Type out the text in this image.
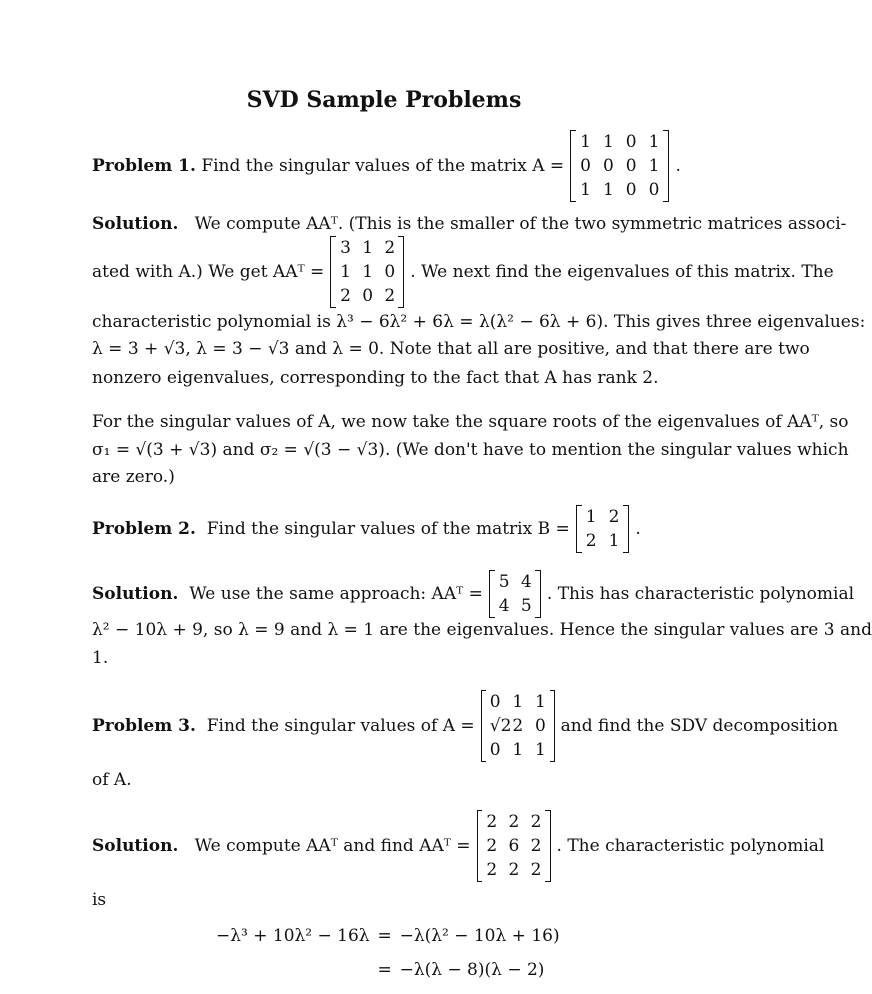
SVD Sample Problems
Problem 1.
Find the singular values of the matrix A =
1 1 0 1
0 0 0 1
1 1 0 0
.
Solution. We compute AAᵀ. (This is the smaller of the two symmetric matrices associ-
ated with A.) We get AAᵀ =
3 1 2
1 1 0
2 0 2
. We next find the eigenvalues of this matrix. The
characteristic polynomial is λ³ − 6λ² + 6λ = λ(λ² − 6λ + 6). This gives three eigenvalues:
λ = 3 + √3, λ = 3 − √3 and λ = 0. Note that all are positive, and that there are two
nonzero eigenvalues, corresponding to the fact that A has rank 2.
For the singular values of A, we now take the square roots of the eigenvalues of AAᵀ, so
σ₁ = √(3 + √3) and σ₂ = √(3 − √3). (We don't have to mention the singular values which
are zero.)
Problem 2.
Find the singular values of the matrix B =
1 2
2 1
.
Solution.
We use the same approach: AAᵀ =
5 4
4 5
. This has characteristic polynomial
λ² − 10λ + 9, so λ = 9 and λ = 1 are the eigenvalues. Hence the singular values are 3 and
1.
Problem 3.
Find the singular values of A =
0 1 1
√2 2 0
0 1 1
and find the SDV decomposition
of A.
Solution.
We compute AAᵀ and find AAᵀ =
2 2 2
2 6 2
2 2 2
. The characteristic polynomial
is
−λ³ + 10λ² − 16λ = −λ(λ² − 10λ + 16)
= −λ(λ − 8)(λ − 2)
